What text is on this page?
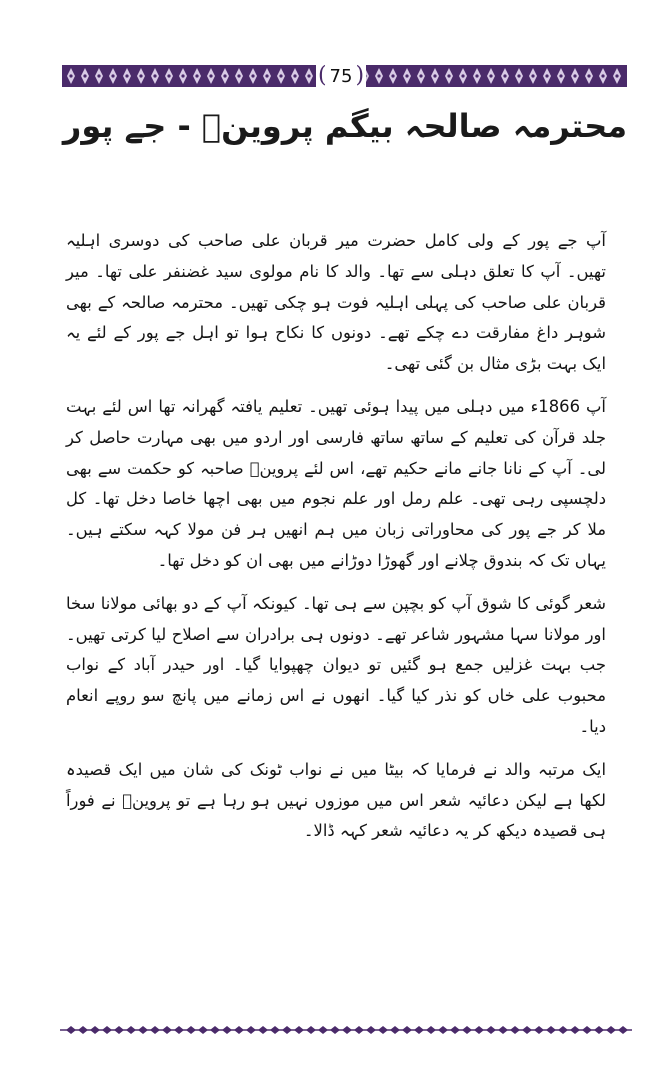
( 75 )
محترمہ صالحہ بیگم پروینؔ - جے پور

آپ جے پور کے ولی کامل حضرت میر قربان علی صاحب کی دوسری اہلیہ تھیں۔ آپ کا تعلق دہلی سے تھا۔ والد کا نام مولوی سید غضنفر علی تھا۔ میر قربان علی صاحب کی پہلی اہلیہ فوت ہو چکی تھیں۔ محترمہ صالحہ کے بھی شوہر داغ مفارقت دے چکے تھے۔ دونوں کا نکاح ہوا تو اہل جے پور کے لئے یہ ایک بہت بڑی مثال بن گئی تھی۔

آپ 1866ء میں دہلی میں پیدا ہوئی تھیں۔ تعلیم یافتہ گھرانہ تھا اس لئے بہت جلد قرآن کی تعلیم کے ساتھ ساتھ فارسی اور اردو میں بھی مہارت حاصل کر لی۔ آپ کے نانا جانے مانے حکیم تھے، اس لئے پروینؔ صاحبہ کو حکمت سے بھی دلچسپی رہی تھی۔ علم رمل اور علم نجوم میں بھی اچھا خاصا دخل تھا۔ کل ملا کر جے پور کی محاوراتی زبان میں ہم انھیں ہر فن مولا کہہ سکتے ہیں۔ یہاں تک کہ بندوق چلانے اور گھوڑا دوڑانے میں بھی ان کو دخل تھا۔

شعر گوئی کا شوق آپ کو بچپن سے ہی تھا۔ کیونکہ آپ کے دو بھائی مولانا سخا اور مولانا سہا مشہور شاعر تھے۔ دونوں ہی برادران سے اصلاح لیا کرتی تھیں۔ جب بہت غزلیں جمع ہو گئیں تو دیوان چھپوایا گیا۔ اور حیدر آباد کے نواب محبوب علی خاں کو نذر کیا گیا۔ انھوں نے اس زمانے میں پانچ سو روپے انعام دیا۔

ایک مرتبہ والد نے فرمایا کہ بیٹا میں نے نواب ٹونک کی شان میں ایک قصیدہ لکھا ہے لیکن دعائیہ شعر اس میں موزوں نہیں ہو رہا ہے تو پروینؔ نے فوراً ہی قصیدہ دیکھ کر یہ دعائیہ شعر کہہ ڈالا۔
